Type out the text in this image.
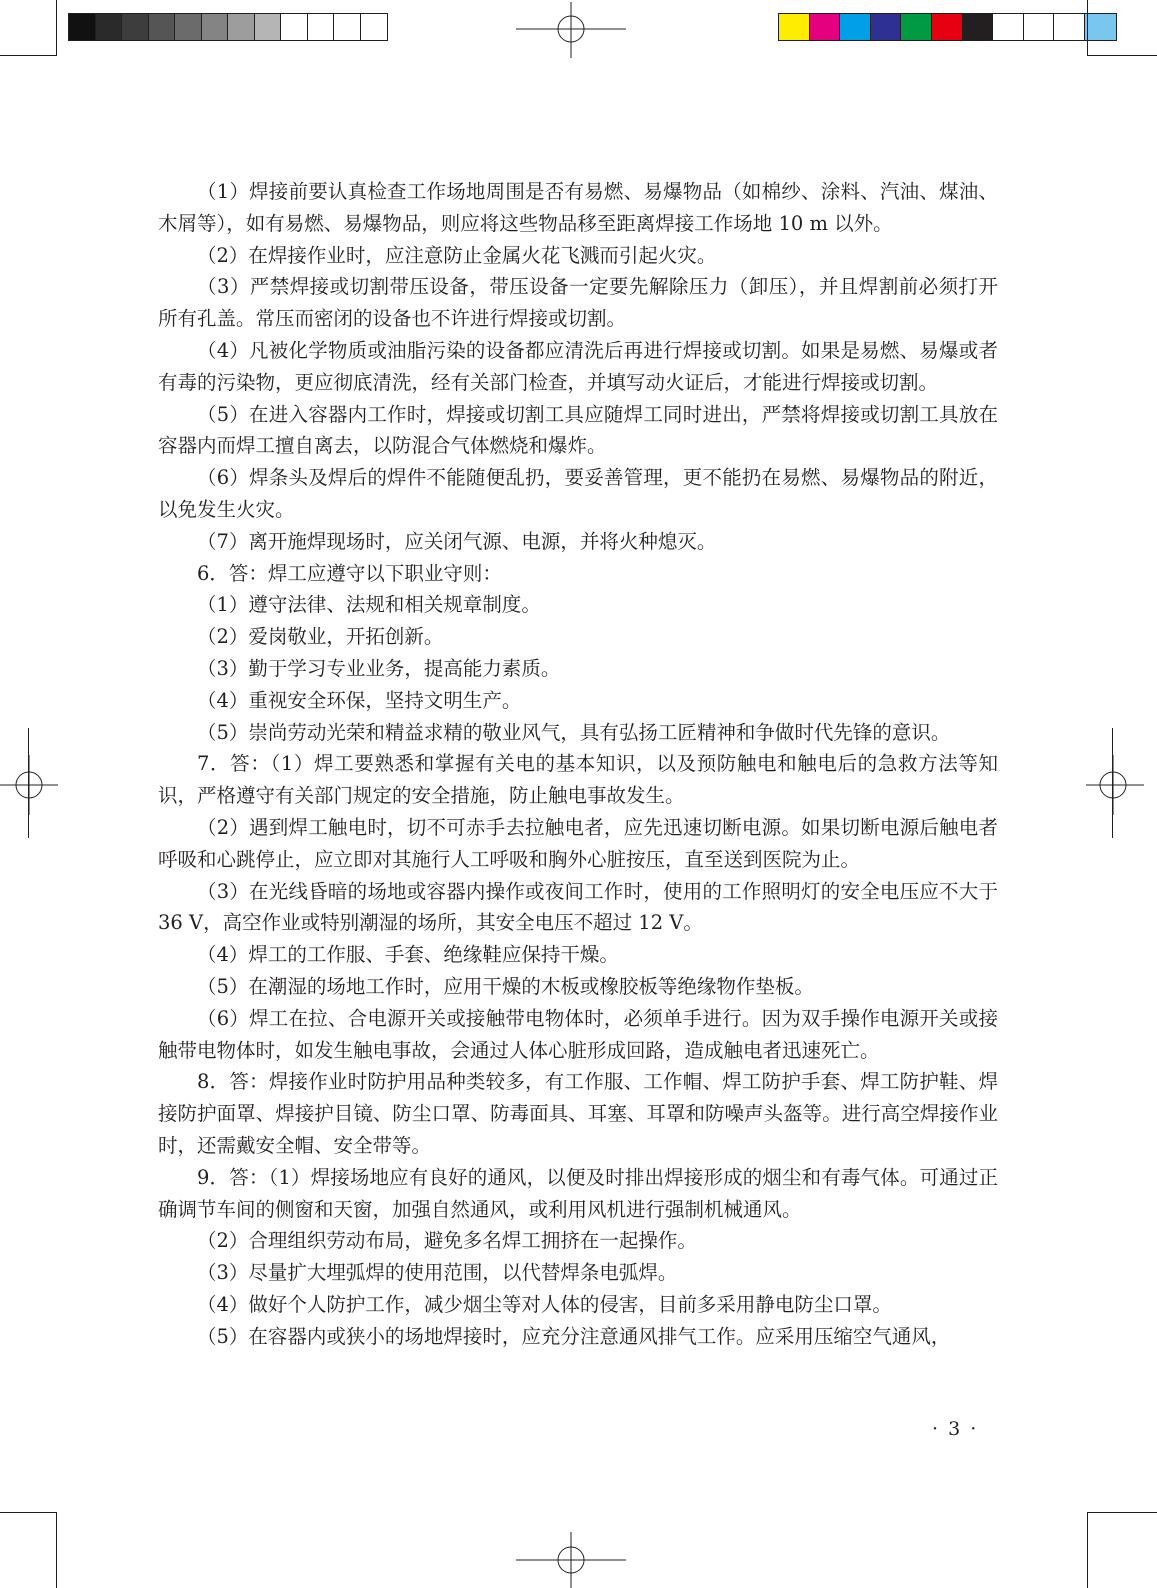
（1）焊接前要认真检查工作场地周围是否有易燃、易爆物品（如棉纱、涂料、汽油、煤油、木屑等），如有易燃、易爆物品，则应将这些物品移至距离焊接工作场地 10 m 以外。

（2）在焊接作业时，应注意防止金属火花飞溅而引起火灾。

（3）严禁焊接或切割带压设备，带压设备一定要先解除压力（卸压），并且焊割前必须打开所有孔盖。常压而密闭的设备也不许进行焊接或切割。

（4）凡被化学物质或油脂污染的设备都应清洗后再进行焊接或切割。如果是易燃、易爆或者有毒的污染物，更应彻底清洗，经有关部门检查，并填写动火证后，才能进行焊接或切割。

（5）在进入容器内工作时，焊接或切割工具应随焊工同时进出，严禁将焊接或切割工具放在容器内而焊工擅自离去，以防混合气体燃烧和爆炸。

（6）焊条头及焊后的焊件不能随便乱扔，要妥善管理，更不能扔在易燃、易爆物品的附近，以免发生火灾。

（7）离开施焊现场时，应关闭气源、电源，并将火种熄灭。

6．答：焊工应遵守以下职业守则：

（1）遵守法律、法规和相关规章制度。

（2）爱岗敬业，开拓创新。

（3）勤于学习专业业务，提高能力素质。

（4）重视安全环保，坚持文明生产。

（5）崇尚劳动光荣和精益求精的敬业风气，具有弘扬工匠精神和争做时代先锋的意识。

7．答：（1）焊工要熟悉和掌握有关电的基本知识，以及预防触电和触电后的急救方法等知识，严格遵守有关部门规定的安全措施，防止触电事故发生。

（2）遇到焊工触电时，切不可赤手去拉触电者，应先迅速切断电源。如果切断电源后触电者呼吸和心跳停止，应立即对其施行人工呼吸和胸外心脏按压，直至送到医院为止。

（3）在光线昏暗的场地或容器内操作或夜间工作时，使用的工作照明灯的安全电压应不大于 36 V，高空作业或特别潮湿的场所，其安全电压不超过 12 V。

（4）焊工的工作服、手套、绝缘鞋应保持干燥。

（5）在潮湿的场地工作时，应用干燥的木板或橡胶板等绝缘物作垫板。

（6）焊工在拉、合电源开关或接触带电物体时，必须单手进行。因为双手操作电源开关或接触带电物体时，如发生触电事故，会通过人体心脏形成回路，造成触电者迅速死亡。

8．答：焊接作业时防护用品种类较多，有工作服、工作帽、焊工防护手套、焊工防护鞋、焊接防护面罩、焊接护目镜、防尘口罩、防毒面具、耳塞、耳罩和防噪声头盔等。进行高空焊接作业时，还需戴安全帽、安全带等。

9．答：（1）焊接场地应有良好的通风，以便及时排出焊接形成的烟尘和有毒气体。可通过正确调节车间的侧窗和天窗，加强自然通风，或利用风机进行强制机械通风。

（2）合理组织劳动布局，避免多名焊工拥挤在一起操作。

（3）尽量扩大埋弧焊的使用范围，以代替焊条电弧焊。

（4）做好个人防护工作，减少烟尘等对人体的侵害，目前多采用静电防尘口罩。

（5）在容器内或狭小的场地焊接时，应充分注意通风排气工作。应采用压缩空气通风，

· 3 ·
